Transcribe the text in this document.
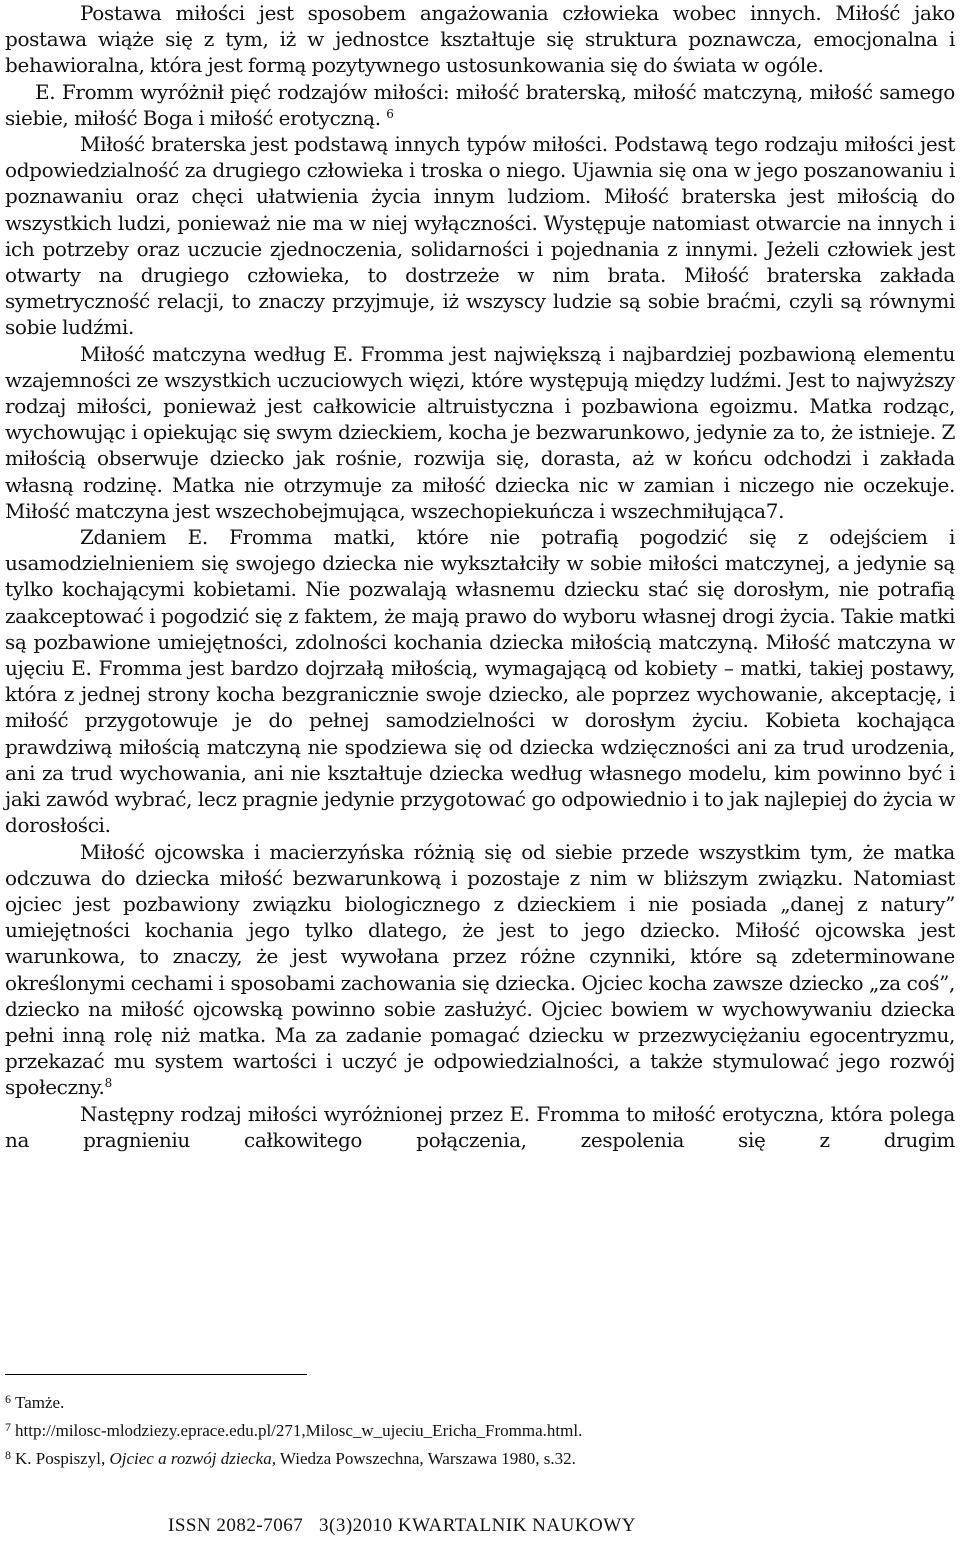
Postawa miłości jest sposobem angażowania człowieka wobec innych. Miłość jako postawa wiąże się z tym, iż w jednostce kształtuje się struktura poznawcza, emocjonalna i behawioralna, która jest formą pozytywnego ustosunkowania się do świata w ogóle.

E. Fromm wyróżnił pięć rodzajów miłości: miłość braterską, miłość matczyną, miłość samego siebie, miłość Boga i miłość erotyczną. $^6$

Miłość braterska jest podstawą innych typów miłości. Podstawą tego rodzaju miłości jest odpowiedzialność za drugiego człowieka i troska o niego. Ujawnia się ona w jego poszanowaniu i poznawaniu oraz chęci ułatwienia życia innym ludziom. Miłość braterska jest miłością do wszystkich ludzi, ponieważ nie ma w niej wyłączności. Występuje natomiast otwarcie na innych i ich potrzeby oraz uczucie zjednoczenia, solidarności i pojednania z innymi. Jeżeli człowiek jest otwarty na drugiego człowieka, to dostrzeże w nim brata. Miłość braterska zakłada symetryczność relacji, to znaczy przyjmuje, iż wszyscy ludzie są sobie braćmi, czyli są równymi sobie ludźmi.

Miłość matczyna według E. Fromma jest największą i najbardziej pozbawioną elementu wzajemności ze wszystkich uczuciowych więzi, które występują między ludźmi. Jest to najwyższy rodzaj miłości, ponieważ jest całkowicie altruistyczna i pozbawiona egoizmu. Matka rodząc, wychowując i opiekując się swym dzieckiem, kocha je bezwarunkowo, jedynie za to, że istnieje. Z miłością obserwuje dziecko jak rośnie, rozwija się, dorasta, aż w końcu odchodzi i zakłada własną rodzinę. Matka nie otrzymuje za miłość dziecka nic w zamian i niczego nie oczekuje. Miłość matczyna jest wszechobejmująca, wszechopiekuńcza i wszechmiłująca7.

Zdaniem E. Fromma matki, które nie potrafią pogodzić się z odejściem i usamodzielnieniem się swojego dziecka nie wykształciły w sobie miłości matczynej, a jedynie są tylko kochającymi kobietami. Nie pozwalają własnemu dziecku stać się dorosłym, nie potrafią zaakceptować i pogodzić się z faktem, że mają prawo do wyboru własnej drogi życia. Takie matki są pozbawione umiejętności, zdolności kochania dziecka miłością matczyną. Miłość matczyna w ujęciu E. Fromma jest bardzo dojrzałą miłością, wymagającą od kobiety – matki, takiej postawy, która z jednej strony kocha bezgranicznie swoje dziecko, ale poprzez wychowanie, akceptację, i miłość przygotowuje je do pełnej samodzielności w dorosłym życiu. Kobieta kochająca prawdziwą miłością matczyną nie spodziewa się od dziecka wdzięczności ani za trud urodzenia, ani za trud wychowania, ani nie kształtuje dziecka według własnego modelu, kim powinno być i jaki zawód wybrać, lecz pragnie jedynie przygotować go odpowiednio i to jak najlepiej do życia w dorosłości.

Miłość ojcowska i macierzyńska różnią się od siebie przede wszystkim tym, że matka odczuwa do dziecka miłość bezwarunkową i pozostaje z nim w bliższym związku. Natomiast ojciec jest pozbawiony związku biologicznego z dzieckiem i nie posiada „danej z natury” umiejętności kochania jego tylko dlatego, że jest to jego dziecko. Miłość ojcowska jest warunkowa, to znaczy, że jest wywołana przez różne czynniki, które są zdeterminowane określonymi cechami i sposobami zachowania się dziecka. Ojciec kocha zawsze dziecko „za coś”, dziecko na miłość ojcowską powinno sobie zasłużyć. Ojciec bowiem w wychowywaniu dziecka pełni inną rolę niż matka. Ma za zadanie pomagać dziecku w przezwyciężaniu egocentryzmu, przekazać mu system wartości i uczyć je odpowiedzialności, a także stymulować jego rozwój społeczny.$^8$

Następny rodzaj miłości wyróżnionej przez E. Fromma to miłość erotyczna, która polega na pragnieniu całkowitego połączenia, zespolenia się z drugim

$^6$ Tamże.

$^7$ http://milosc-mlodziezy.eprace.edu.pl/271,Milosc_w_ujeciu_Ericha_Fromma.html.

$^8$ K. Pospiszyl, Ojciec a rozwój dziecka, Wiedza Powszechna, Warszawa 1980, s.32.

ISSN 2082-7067 3(3)2010 KWARTALNIK NAUKOWY
